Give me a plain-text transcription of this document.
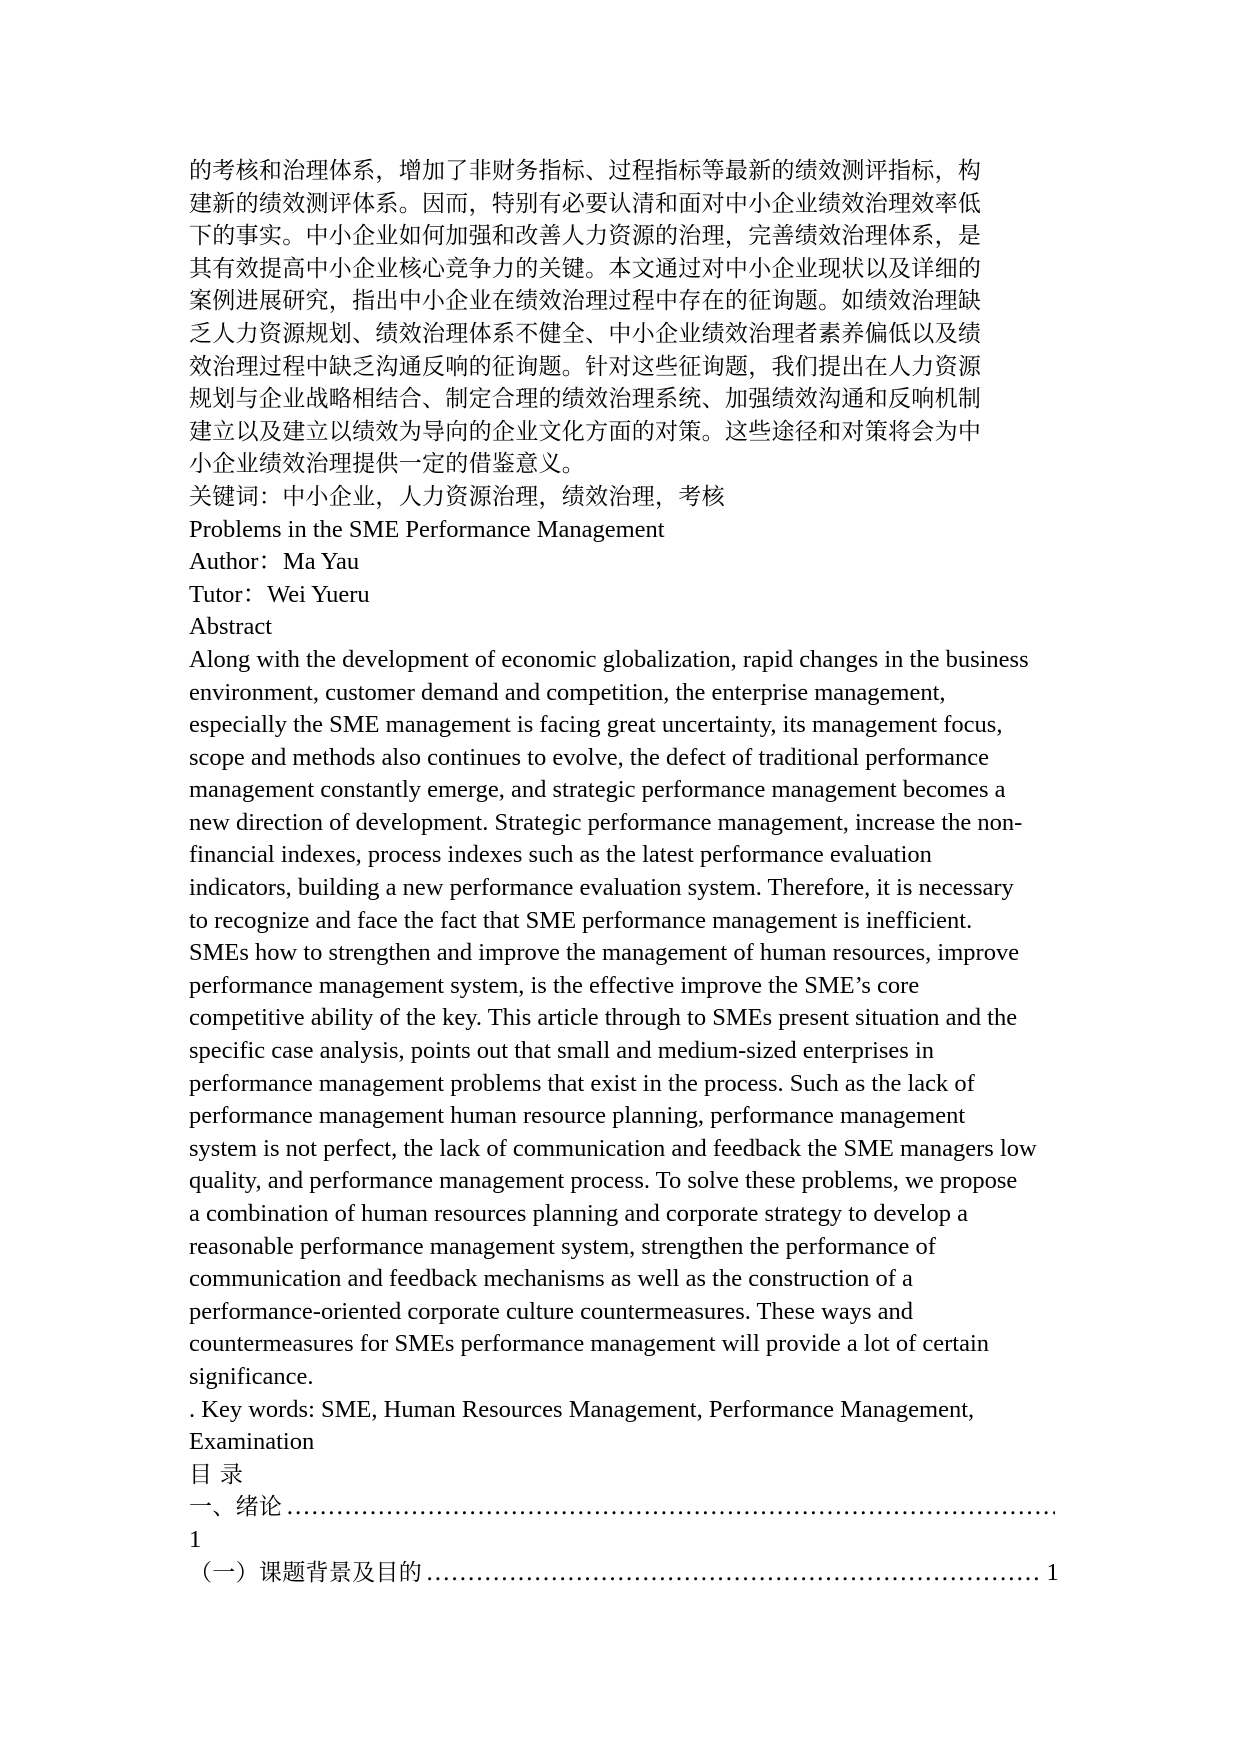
的考核和治理体系，增加了非财务指标、过程指标等最新的绩效测评指标，构
建新的绩效测评体系。因而，特别有必要认清和面对中小企业绩效治理效率低
下的事实。中小企业如何加强和改善人力资源的治理，完善绩效治理体系，是
其有效提高中小企业核心竞争力的关键。本文通过对中小企业现状以及详细的
案例进展研究，指出中小企业在绩效治理过程中存在的征询题。如绩效治理缺
乏人力资源规划、绩效治理体系不健全、中小企业绩效治理者素养偏低以及绩
效治理过程中缺乏沟通反响的征询题。针对这些征询题，我们提出在人力资源
规划与企业战略相结合、制定合理的绩效治理系统、加强绩效沟通和反响机制
建立以及建立以绩效为导向的企业文化方面的对策。这些途径和对策将会为中
小企业绩效治理提供一定的借鉴意义。
关键词：中小企业，人力资源治理，绩效治理，考核
Problems in the SME Performance Management
Author：Ma Yau
Tutor：Wei Yueru
Abstract
Along with the development of economic globalization, rapid changes in the business
environment, customer demand and competition, the enterprise management,
especially the SME management is facing great uncertainty, its management focus,
scope and methods also continues to evolve, the defect of traditional performance
management constantly emerge, and strategic performance management becomes a
new direction of development. Strategic performance management, increase the non-
financial indexes, process indexes such as the latest performance evaluation
indicators, building a new performance evaluation system. Therefore, it is necessary
to recognize and face the fact that SME performance management is inefficient.
SMEs how to strengthen and improve the management of human resources, improve
performance management system, is the effective improve the SME’s core
competitive ability of the key. This article through to SMEs present situation and the
specific case analysis, points out that small and medium-sized enterprises in
performance management problems that exist in the process. Such as the lack of
performance management human resource planning, performance management
system is not perfect, the lack of communication and feedback the SME managers low
quality, and performance management process. To solve these problems, we propose
a combination of human resources planning and corporate strategy to develop a
reasonable performance management system, strengthen the performance of
communication and feedback mechanisms as well as the construction of a
performance-oriented corporate culture countermeasures. These ways and
countermeasures for SMEs performance management will provide a lot of certain
significance.
. Key words: SME, Human Resources Management, Performance Management,
Examination
目 录
一、绪论
.....
1
（一）课题背景及目的
.....	1
